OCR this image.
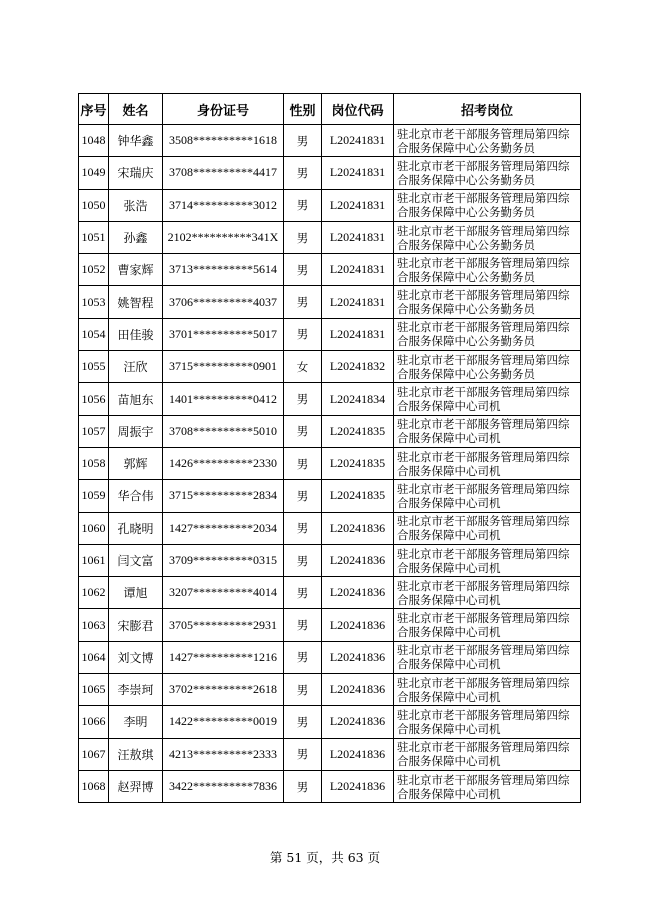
序号	姓名	身份证号	性别	岗位代码	招考岗位
1048	钟华鑫	3508**********1618	男	L20241831	驻北京市老干部服务管理局第四综合服务保障中心公务勤务员
1049	宋瑞庆	3708**********4417	男	L20241831	驻北京市老干部服务管理局第四综合服务保障中心公务勤务员
1050	张浩	3714**********3012	男	L20241831	驻北京市老干部服务管理局第四综合服务保障中心公务勤务员
1051	孙鑫	2102**********341X	男	L20241831	驻北京市老干部服务管理局第四综合服务保障中心公务勤务员
1052	曹家辉	3713**********5614	男	L20241831	驻北京市老干部服务管理局第四综合服务保障中心公务勤务员
1053	姚智程	3706**********4037	男	L20241831	驻北京市老干部服务管理局第四综合服务保障中心公务勤务员
1054	田佳骏	3701**********5017	男	L20241831	驻北京市老干部服务管理局第四综合服务保障中心公务勤务员
1055	汪欣	3715**********0901	女	L20241832	驻北京市老干部服务管理局第四综合服务保障中心公务勤务员
1056	苗旭东	1401**********0412	男	L20241834	驻北京市老干部服务管理局第四综合服务保障中心司机
1057	周振宇	3708**********5010	男	L20241835	驻北京市老干部服务管理局第四综合服务保障中心司机
1058	郭辉	1426**********2330	男	L20241835	驻北京市老干部服务管理局第四综合服务保障中心司机
1059	华合伟	3715**********2834	男	L20241835	驻北京市老干部服务管理局第四综合服务保障中心司机
1060	孔晓明	1427**********2034	男	L20241836	驻北京市老干部服务管理局第四综合服务保障中心司机
1061	闫文富	3709**********0315	男	L20241836	驻北京市老干部服务管理局第四综合服务保障中心司机
1062	谭旭	3207**********4014	男	L20241836	驻北京市老干部服务管理局第四综合服务保障中心司机
1063	宋膨君	3705**********2931	男	L20241836	驻北京市老干部服务管理局第四综合服务保障中心司机
1064	刘文博	1427**********1216	男	L20241836	驻北京市老干部服务管理局第四综合服务保障中心司机
1065	李崇珂	3702**********2618	男	L20241836	驻北京市老干部服务管理局第四综合服务保障中心司机
1066	李明	1422**********0019	男	L20241836	驻北京市老干部服务管理局第四综合服务保障中心司机
1067	汪敖琪	4213**********2333	男	L20241836	驻北京市老干部服务管理局第四综合服务保障中心司机
1068	赵羿博	3422**********7836	男	L20241836	驻北京市老干部服务管理局第四综合服务保障中心司机
第 51 页，共 63 页
